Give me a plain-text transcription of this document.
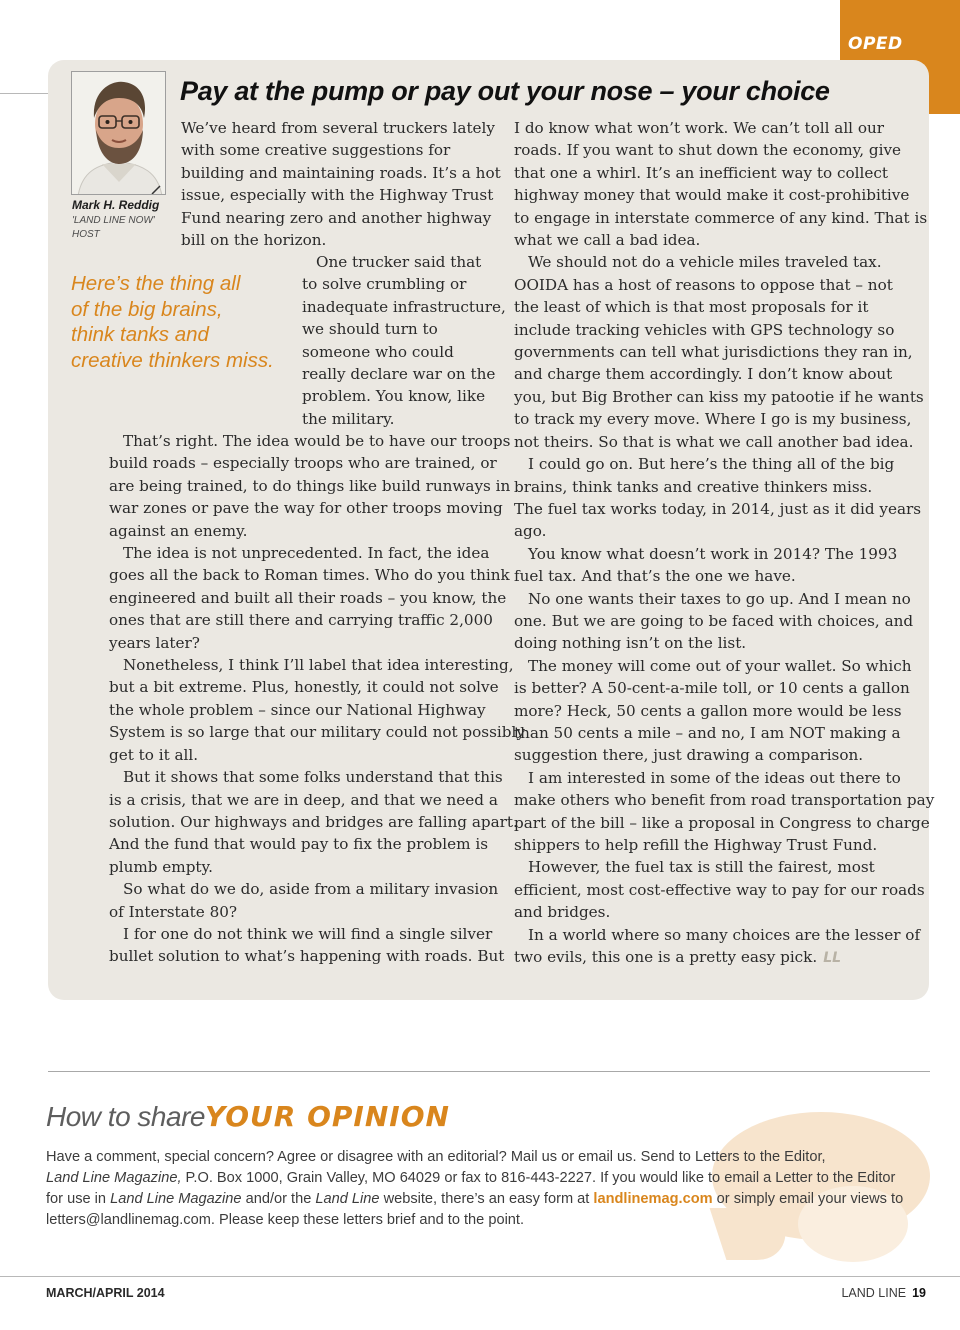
OPED
Mark H. Reddig
'LAND LINE NOW'
HOST
Pay at the pump or pay out your nose – your choice
Here’s the thing all
of the big brains,
think tanks and
creative thinkers miss.
We’ve heard from several truckers lately
with some creative suggestions for
building and maintaining roads. It’s a hot
issue, especially with the Highway Trust
Fund nearing zero and another highway
bill on the horizon.
One trucker said that
to solve crumbling or
inadequate infrastructure,
we should turn to
someone who could
really declare war on the
problem. You know, like
the military.
That’s right. The idea would be to have our troops
build roads – especially troops who are trained, or
are being trained, to do things like build runways in
war zones or pave the way for other troops moving
against an enemy.
The idea is not unprecedented. In fact, the idea
goes all the back to Roman times. Who do you think
engineered and built all their roads – you know, the
ones that are still there and carrying traffic 2,000
years later?
Nonetheless, I think I’ll label that idea interesting,
but a bit extreme. Plus, honestly, it could not solve
the whole problem – since our National Highway
System is so large that our military could not possibly
get to it all.
But it shows that some folks understand that this
is a crisis, that we are in deep, and that we need a
solution. Our highways and bridges are falling apart.
And the fund that would pay to fix the problem is
plumb empty.
So what do we do, aside from a military invasion
of Interstate 80?
I for one do not think we will find a single silver
bullet solution to what’s happening with roads. But
I do know what won’t work. We can’t toll all our
roads. If you want to shut down the economy, give
that one a whirl. It’s an inefficient way to collect
highway money that would make it cost-prohibitive
to engage in interstate commerce of any kind. That is
what we call a bad idea.
We should not do a vehicle miles traveled tax.
OOIDA has a host of reasons to oppose that – not
the least of which is that most proposals for it
include tracking vehicles with GPS technology so
governments can tell what jurisdictions they ran in,
and charge them accordingly. I don’t know about
you, but Big Brother can kiss my patootie if he wants
to track my every move. Where I go is my business,
not theirs. So that is what we call another bad idea.
I could go on. But here’s the thing all of the big
brains, think tanks and creative thinkers miss.
The fuel tax works today, in 2014, just as it did years
ago.
You know what doesn’t work in 2014? The 1993
fuel tax. And that’s the one we have.
No one wants their taxes to go up. And I mean no
one. But we are going to be faced with choices, and
doing nothing isn’t on the list.
The money will come out of your wallet. So which
is better? A 50-cent-a-mile toll, or 10 cents a gallon
more? Heck, 50 cents a gallon more would be less
than 50 cents a mile – and no, I am NOT making a
suggestion there, just drawing a comparison.
I am interested in some of the ideas out there to
make others who benefit from road transportation pay
part of the bill – like a proposal in Congress to charge
shippers to help refill the Highway Trust Fund.
However, the fuel tax is still the fairest, most
efficient, most cost-effective way to pay for our roads
and bridges.
In a world where so many choices are the lesser of
two evils, this one is a pretty easy pick. LL
How to shareYOUR OPINION
Have a comment, special concern? Agree or disagree with an editorial? Mail us or email us. Send to Letters to the Editor,
Land Line Magazine, P.O. Box 1000, Grain Valley, MO 64029 or fax to 816-443-2227. If you would like to email a Letter to the Editor
for use in Land Line Magazine and/or the Land Line website, there’s an easy form at landlinemag.com or simply email your views to
letters@landlinemag.com. Please keep these letters brief and to the point.
MARCH/APRIL 2014	LAND LINE 19
